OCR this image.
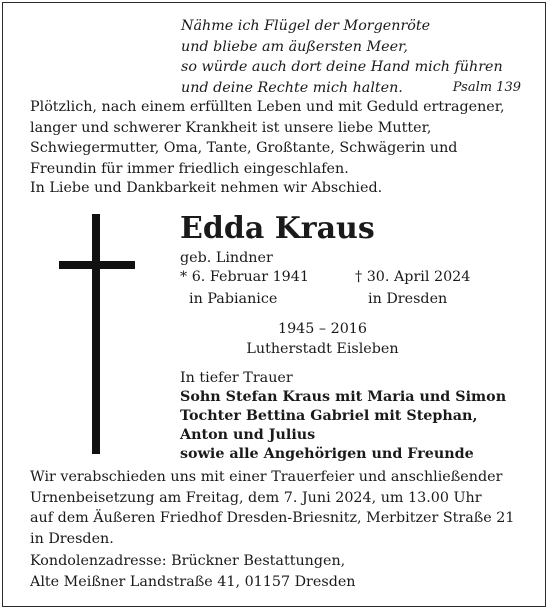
Nähme ich Flügel der Morgenröte
und bliebe am äußersten Meer,
so würde auch dort deine Hand mich führen
und deine Rechte mich halten.	Psalm 139
Plötzlich, nach einem erfüllten Leben und mit Geduld ertragener,
langer und schwerer Krankheit ist unsere liebe Mutter,
Schwiegermutter, Oma, Tante, Großtante, Schwägerin und
Freundin für immer friedlich eingeschlafen.
In Liebe und Dankbarkeit nehmen wir Abschied.
Edda Kraus
geb. Lindner
* 6. Februar 1941	† 30. April 2024
in Pabianice	in Dresden
1945 – 2016
Lutherstadt Eisleben
In tiefer Trauer
Sohn Stefan Kraus mit Maria und Simon
Tochter Bettina Gabriel mit Stephan,
Anton und Julius
sowie alle Angehörigen und Freunde
Wir verabschieden uns mit einer Trauerfeier und anschließender
Urnenbeisetzung am Freitag, dem 7. Juni 2024, um 13.00 Uhr
auf dem Äußeren Friedhof Dresden-Briesnitz, Merbitzer Straße 21
in Dresden.
Kondolenzadresse: Brückner Bestattungen,
Alte Meißner Landstraße 41, 01157 Dresden
